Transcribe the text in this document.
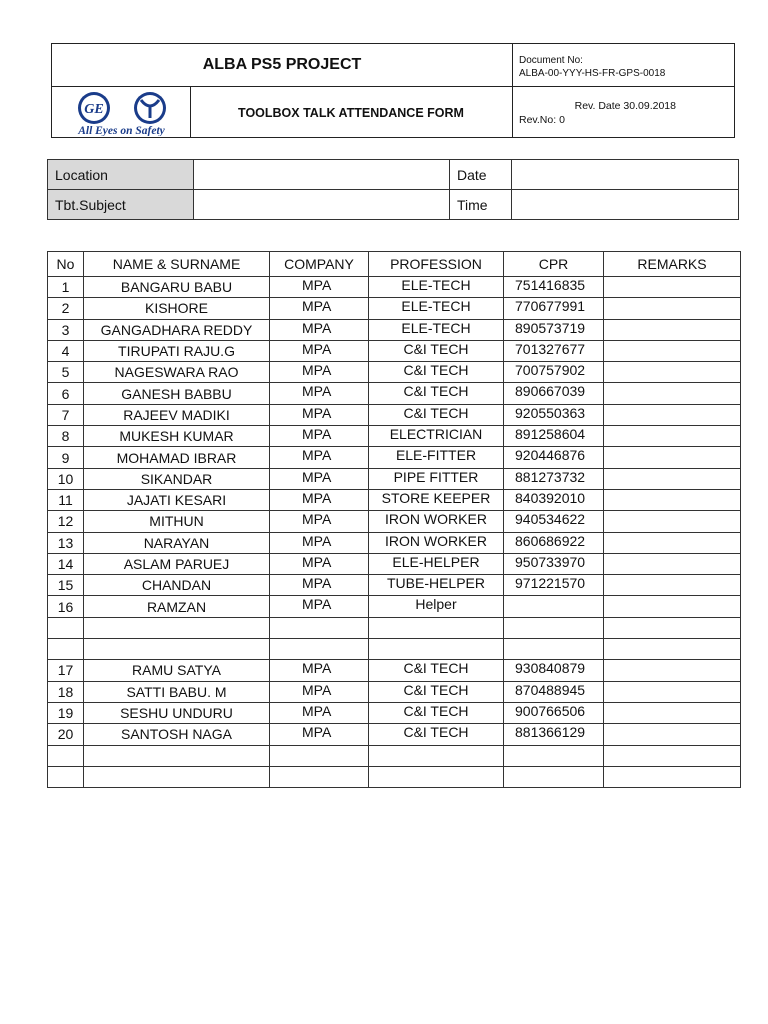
ALBA PS5 PROJECT	Document No:
ALBA-00-YYY-HS-FR-GPS-0018
TOOLBOX TALK ATTENDANCE FORM	Rev. Date 30.09.2018
Rev.No: 0
GE
All Eyes on Safety
Location		Date	
Tbt.Subject		Time	
No	NAME & SURNAME	COMPANY	PROFESSION	CPR	REMARKS
1	BANGARU BABU	MPA	ELE-TECH	751416835	
2	KISHORE	MPA	ELE-TECH	770677991	
3	GANGADHARA REDDY	MPA	ELE-TECH	890573719	
4	TIRUPATI RAJU.G	MPA	C&I TECH	701327677	
5	NAGESWARA RAO	MPA	C&I TECH	700757902	
6	GANESH BABBU	MPA	C&I TECH	890667039	
7	RAJEEV MADIKI	MPA	C&I TECH	920550363	
8	MUKESH KUMAR	MPA	ELECTRICIAN	891258604	
9	MOHAMAD IBRAR	MPA	ELE-FITTER	920446876	
10	SIKANDAR	MPA	PIPE FITTER	881273732	
11	JAJATI KESARI	MPA	STORE KEEPER	840392010	
12	MITHUN	MPA	IRON WORKER	940534622	
13	NARAYAN	MPA	IRON WORKER	860686922	
14	ASLAM PARUEJ	MPA	ELE-HELPER	950733970	
15	CHANDAN	MPA	TUBE-HELPER	971221570	
16	RAMZAN	MPA	Helper		

17	RAMU SATYA	MPA	C&I TECH	930840879	
18	SATTI BABU. M	MPA	C&I TECH	870488945	
19	SESHU UNDURU	MPA	C&I TECH	900766506	
20	SANTOSH NAGA	MPA	C&I TECH	881366129	
